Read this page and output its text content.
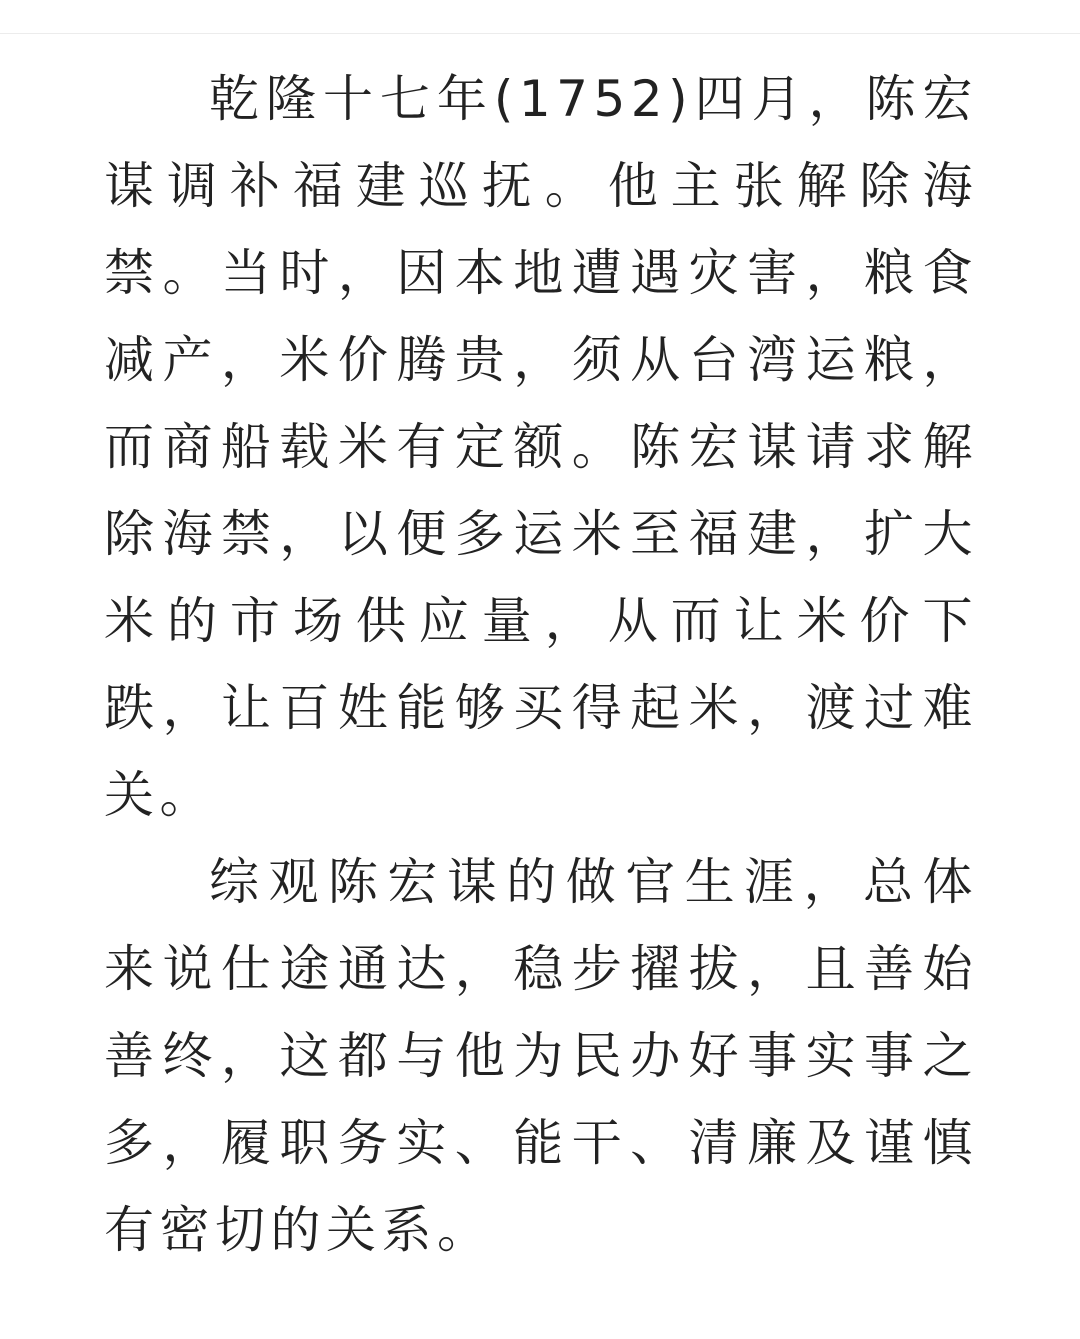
乾隆十七年(1752)四月，陈宏谋调补福建巡抚。他主张解除海禁。当时，因本地遭遇灾害，粮食减产，米价腾贵，须从台湾运粮，而商船载米有定额。陈宏谋请求解除海禁，以便多运米至福建，扩大米的市场供应量，从而让米价下跌，让百姓能够买得起米，渡过难关。

综观陈宏谋的做官生涯，总体来说仕途通达，稳步擢拔，且善始善终，这都与他为民办好事实事之多，履职务实、能干、清廉及谨慎有密切的关系。
